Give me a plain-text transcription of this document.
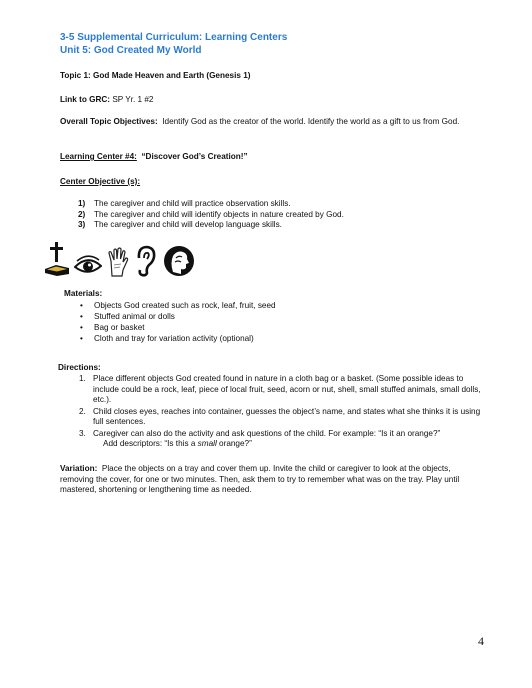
3-5 Supplemental Curriculum: Learning Centers
Unit 5: God Created My World
Topic 1: God Made Heaven and Earth (Genesis 1)
Link to GRC: SP Yr. 1 #2
Overall Topic Objectives: Identify God as the creator of the world. Identify the world as a gift to us from God.
Learning Center #4: “Discover God’s Creation!”
Center Objective (s):
1)	The caregiver and child will practice observation skills.
2)	The caregiver and child will identify objects in nature created by God.
3)	The caregiver and child will develop language skills.
Materials:
•	Objects God created such as rock, leaf, fruit, seed
•	Stuffed animal or dolls
•	Bag or basket
•	Cloth and tray for variation activity (optional)
Directions:
1. Place different objects God created found in nature in a cloth bag or a basket. (Some possible ideas to include could be a rock, leaf, piece of local fruit, seed, acorn or nut, shell, small stuffed animals, small dolls, etc.).
2. Child closes eyes, reaches into container, guesses the object’s name, and states what she thinks it is using full sentences.
3. Caregiver can also do the activity and ask questions of the child. For example: “Is it an orange?”
Add descriptors: “Is this a small orange?”
Variation: Place the objects on a tray and cover them up. Invite the child or caregiver to look at the objects, removing the cover, for one or two minutes. Then, ask them to try to remember what was on the tray. Play until mastered, shortening or lengthening time as needed.
4
